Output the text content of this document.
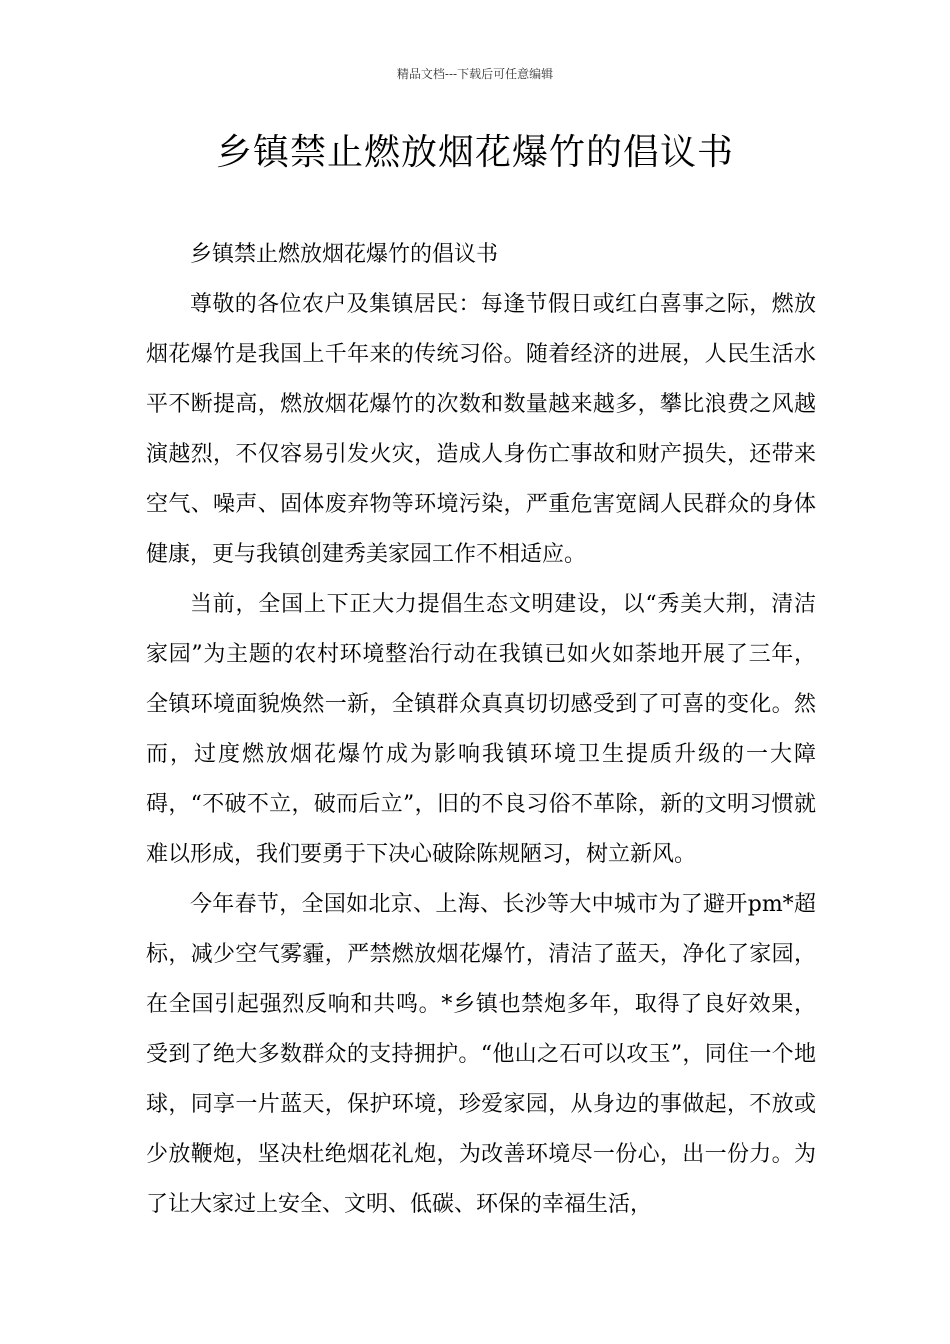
精品文档---下载后可任意编辑
乡镇禁止燃放烟花爆竹的倡议书

乡镇禁止燃放烟花爆竹的倡议书

尊敬的各位农户及集镇居民：每逢节假日或红白喜事之际，燃放烟花爆竹是我国上千年来的传统习俗。随着经济的进展，人民生活水平不断提高，燃放烟花爆竹的次数和数量越来越多，攀比浪费之风越演越烈，不仅容易引发火灾，造成人身伤亡事故和财产损失，还带来空气、噪声、固体废弃物等环境污染，严重危害宽阔人民群众的身体健康，更与我镇创建秀美家园工作不相适应。

当前，全国上下正大力提倡生态文明建设，以“秀美大荆，清洁家园”为主题的农村环境整治行动在我镇已如火如荼地开展了三年，全镇环境面貌焕然一新，全镇群众真真切切感受到了可喜的变化。然而，过度燃放烟花爆竹成为影响我镇环境卫生提质升级的一大障碍，“不破不立，破而后立”，旧的不良习俗不革除，新的文明习惯就难以形成，我们要勇于下决心破除陈规陋习，树立新风。

今年春节，全国如北京、上海、长沙等大中城市为了避开pm*超标，减少空气雾霾，严禁燃放烟花爆竹，清洁了蓝天，净化了家园，在全国引起强烈反响和共鸣。*乡镇也禁炮多年，取得了良好效果，受到了绝大多数群众的支持拥护。“他山之石可以攻玉”，同住一个地球，同享一片蓝天，保护环境，珍爱家园，从身边的事做起，不放或少放鞭炮，坚决杜绝烟花礼炮，为改善环境尽一份心，出一份力。为了让大家过上安全、文明、低碳、环保的幸福生活，
